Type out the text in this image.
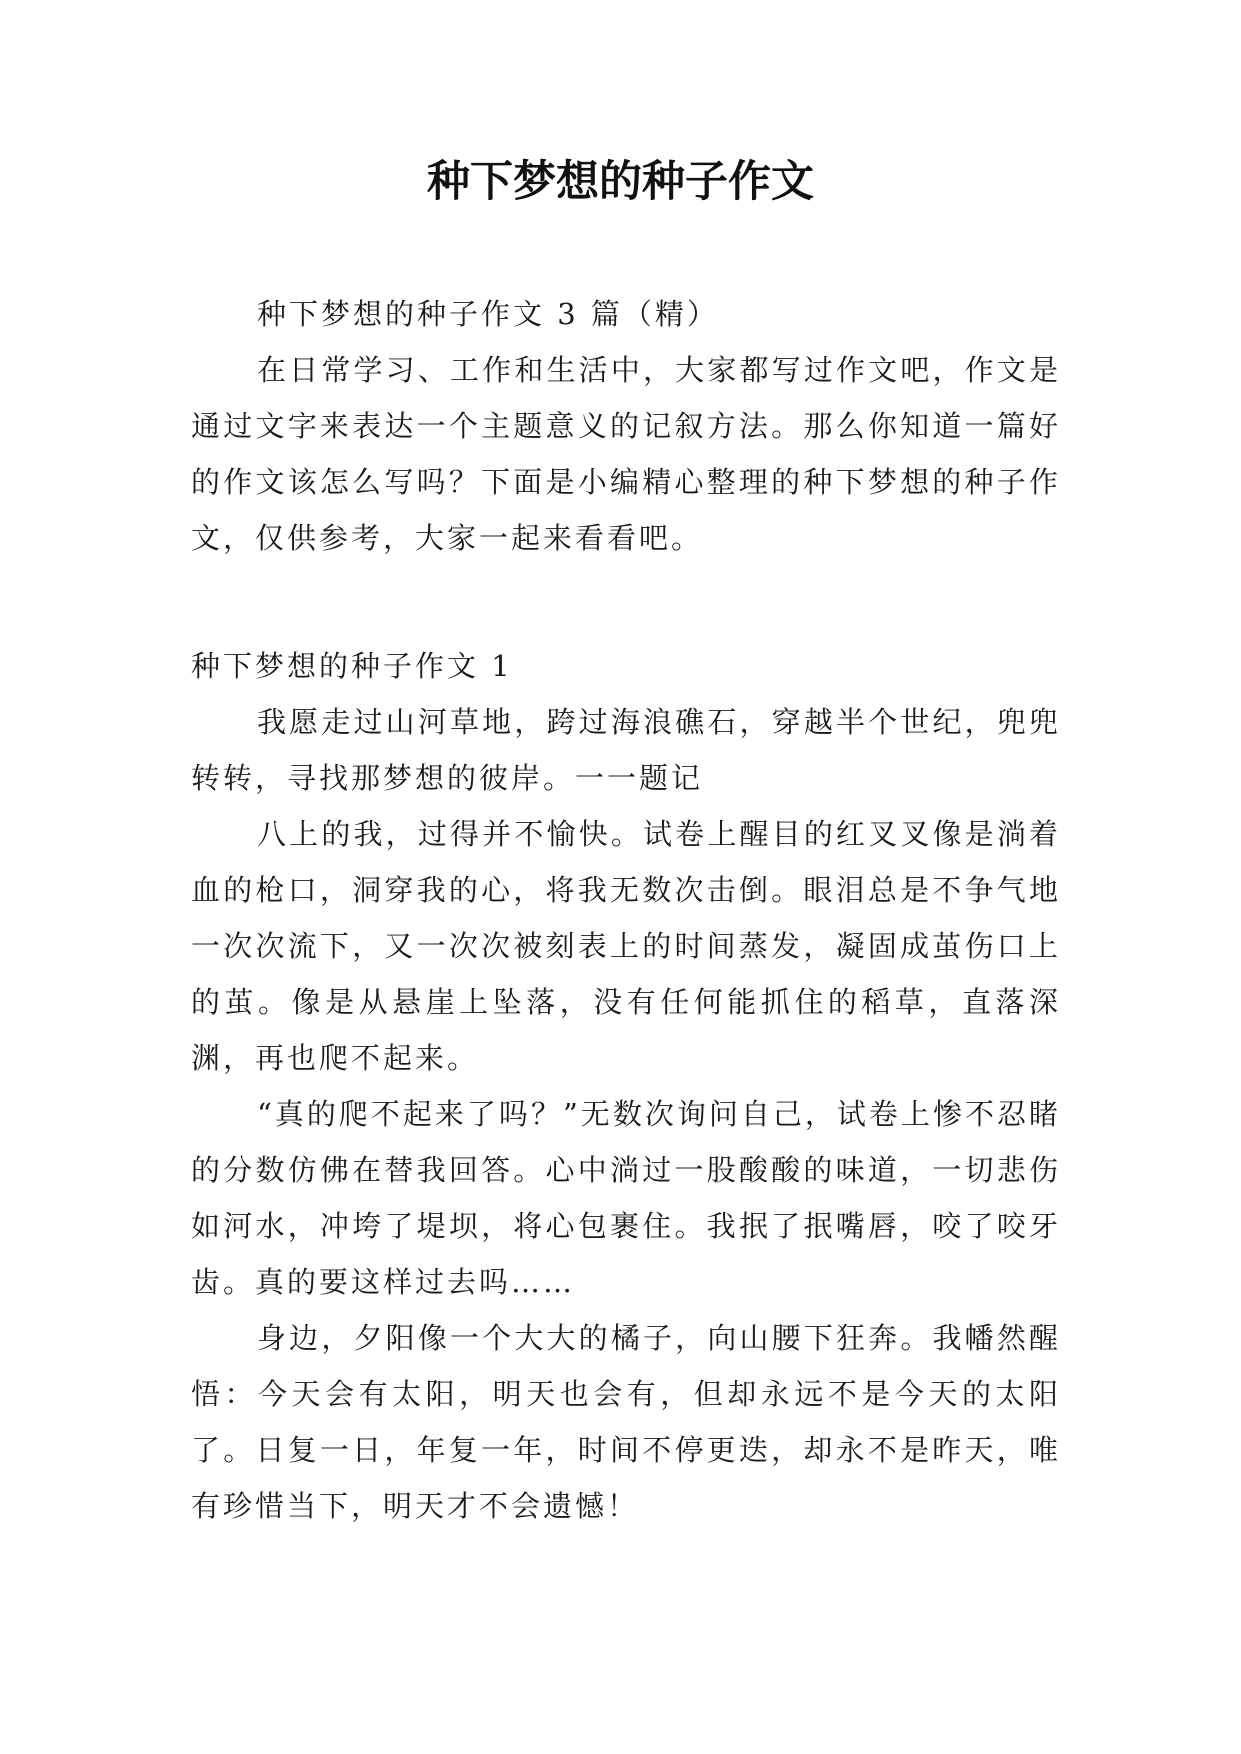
种下梦想的种子作文

种下梦想的种子作文 3 篇（精）

在日常学习、工作和生活中，大家都写过作文吧，作文是通过文字来表达一个主题意义的记叙方法。那么你知道一篇好的作文该怎么写吗？下面是小编精心整理的种下梦想的种子作文，仅供参考，大家一起来看看吧。

种下梦想的种子作文 1

我愿走过山河草地，跨过海浪礁石，穿越半个世纪，兜兜转转，寻找那梦想的彼岸。一一题记

八上的我，过得并不愉快。试卷上醒目的红叉叉像是淌着血的枪口，洞穿我的心，将我无数次击倒。眼泪总是不争气地一次次流下，又一次次被刻表上的时间蒸发，凝固成茧伤口上的茧。像是从悬崖上坠落，没有任何能抓住的稻草，直落深渊，再也爬不起来。

“真的爬不起来了吗？”无数次询问自己，试卷上惨不忍睹的分数仿佛在替我回答。心中淌过一股酸酸的味道，一切悲伤如河水，冲垮了堤坝，将心包裹住。我抿了抿嘴唇，咬了咬牙齿。真的要这样过去吗……

身边，夕阳像一个大大的橘子，向山腰下狂奔。我幡然醒悟：今天会有太阳，明天也会有，但却永远不是今天的太阳了。日复一日，年复一年，时间不停更迭，却永不是昨天，唯有珍惜当下，明天才不会遗憾！
